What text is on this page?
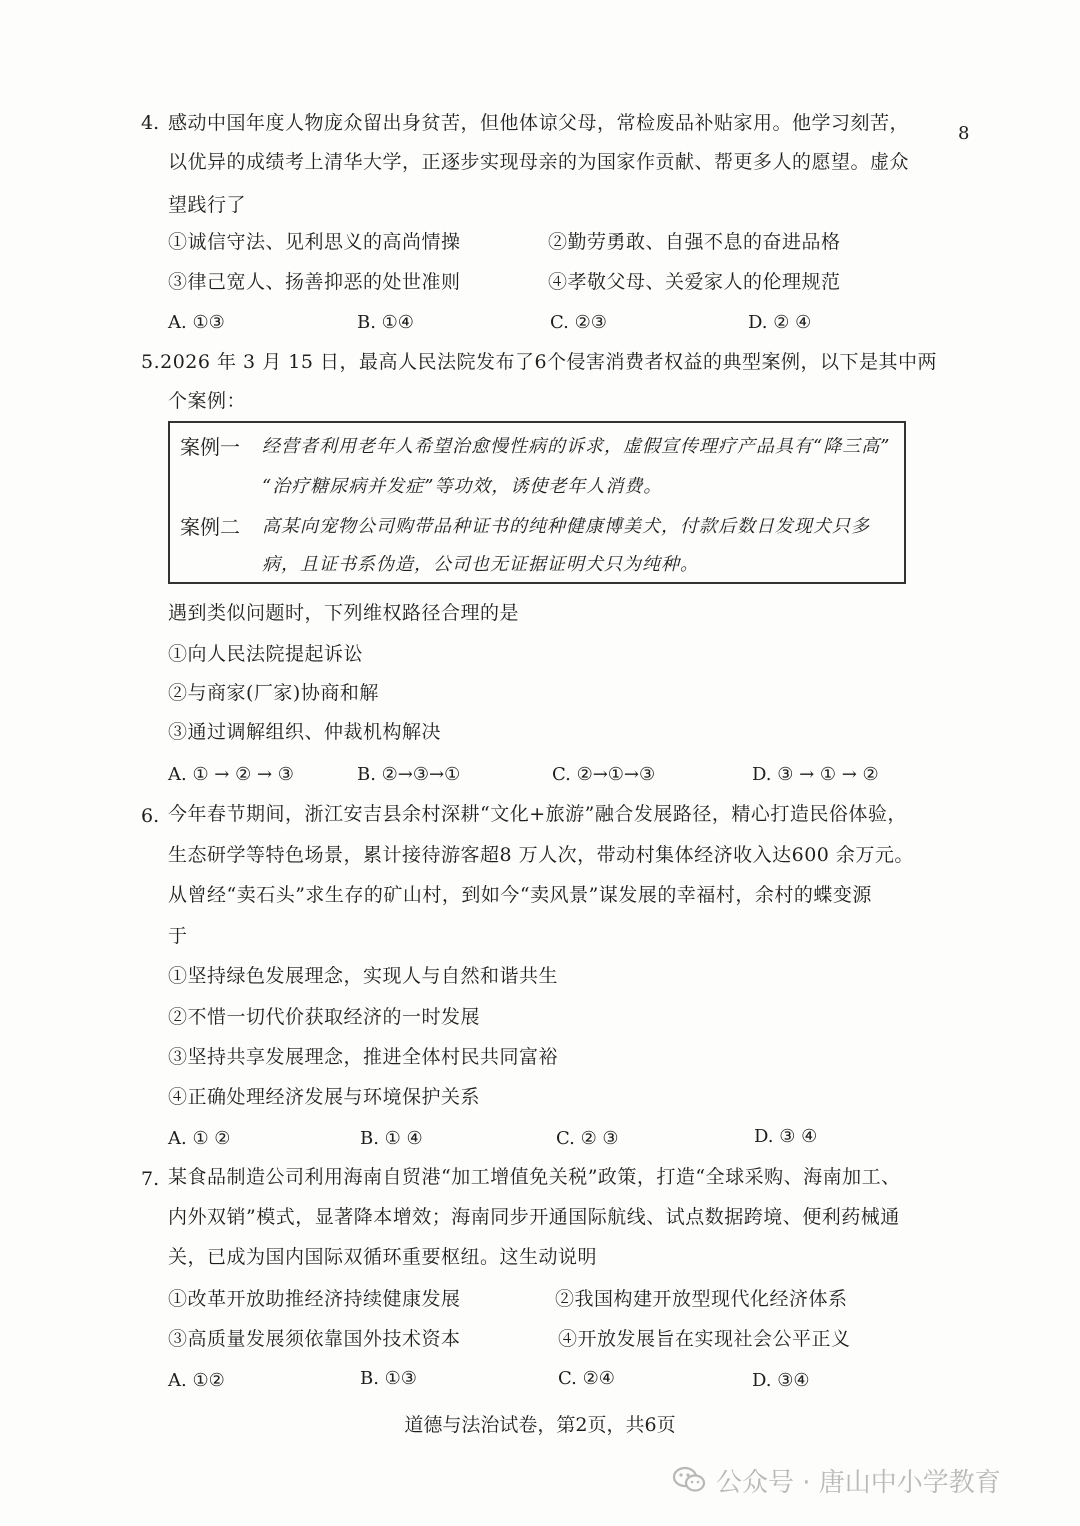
8
4. 感动中国年度人物庞众留出身贫苦，但他体谅父母，常检废品补贴家用。他学习刻苦，
以优异的成绩考上清华大学，正逐步实现母亲的为国家作贡献、帮更多人的愿望。虚众
望践行了
①诚信守法、见利思义的高尚情操	②勤劳勇敢、自强不息的奋进品格
③律己宽人、扬善抑恶的处世准则	④孝敬父母、关爱家人的伦理规范
A. ①③	B. ①④	C. ②③	D. ② ④
5.2026 年 3 月 15 日，最高人民法院发布了6个侵害消费者权益的典型案例，以下是其中两
个案例：
案例一 经营者利用老年人希望治愈慢性病的诉求，虚假宣传理疗产品具有“降三高”
“治疗糖尿病并发症”等功效，诱使老年人消费。
案例二 高某向宠物公司购带品种证书的纯种健康博美犬，付款后数日发现犬只多
病，且证书系伪造，公司也无证据证明犬只为纯种。
遇到类似问题时，下列维权路径合理的是
①向人民法院提起诉讼
②与商家(厂家)协商和解
③通过调解组织、仲裁机构解决
A. ① → ② → ③	B. ②→③→①	C. ②→①→③	D. ③ → ① → ②
6. 今年春节期间，浙江安吉县余村深耕“文化+旅游”融合发展路径，精心打造民俗体验，
生态研学等特色场景，累计接待游客超8 万人次，带动村集体经济收入达600 余万元。
从曾经“卖石头”求生存的矿山村，到如今“卖风景”谋发展的幸福村，余村的蝶变源
于
①坚持绿色发展理念，实现人与自然和谐共生
②不惜一切代价获取经济的一时发展
③坚持共享发展理念，推进全体村民共同富裕
④正确处理经济发展与环境保护关系
A. ① ②	B. ① ④	C. ② ③	D. ③ ④
7. 某食品制造公司利用海南自贸港“加工增值免关税”政策，打造“全球采购、海南加工、
内外双销”模式，显著降本增效；海南同步开通国际航线、试点数据跨境、便利药械通
关，已成为国内国际双循环重要枢纽。这生动说明
①改革开放助推经济持续健康发展	②我国构建开放型现代化经济体系
③高质量发展须依靠国外技术资本	④开放发展旨在实现社会公平正义
A. ①②	B. ①③	C. ②④	D. ③④
道德与法治试卷，第2页，共6页
公众号 · 唐山中小学教育
